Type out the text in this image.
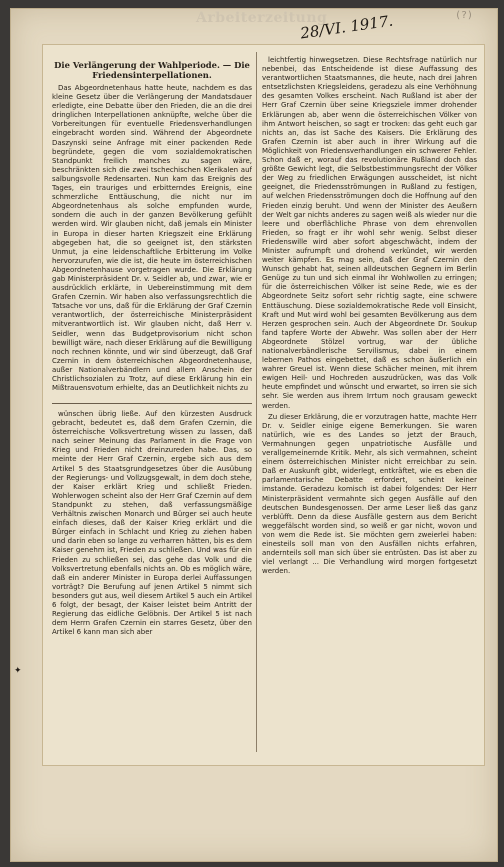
Arbeiterzeitung
28/VI. 1917.	(?)
Die Verlängerung der Wahlperiode. — Die Friedensinterpellationen.

Das Abgeordnetenhaus hatte heute, nachdem es das kleine Gesetz über die Verlängerung der Mandatsdauer erledigte, eine Debatte über den Frieden, die an die drei dringlichen Interpellationen anknüpfte, welche über die Vorbereitungen für eventuelle Friedensverhandlungen eingebracht worden sind. Während der Abgeordnete Daszynski seine Anfrage mit einer packenden Rede begründete, gegen die vom sozialdemokratischen Standpunkt freilich manches zu sagen wäre, beschränkten sich die zwei tschechischen Klerikalen auf salbungsvolle Redensarten. Nun kam das Ereignis des Tages, ein trauriges und erbitterndes Ereignis, eine schmerzliche Enttäuschung, die nicht nur im Abgeordnetenhaus als solche empfunden wurde, sondern die auch in der ganzen Bevölkerung gefühlt werden wird. Wir glauben nicht, daß jemals ein Minister in Europa in dieser harten Kriegszeit eine Erklärung abgegeben hat, die so geeignet ist, den stärksten Unmut, ja eine leidenschaftliche Erbitterung im Volke hervorzurufen, wie die ist, die heute im österreichischen Abgeordnetenhause vorgetragen wurde. Die Erklärung gab Ministerpräsident Dr. v. Seidler ab, und zwar, wie er ausdrücklich erklärte, in Uebereinstimmung mit dem Grafen Czernin. Wir haben also verfassungsrechtlich die Tatsache vor uns, daß für die Erklärung der Graf Czernin verantwortlich, der österreichische Ministerpräsident mitverantwortlich ist. Wir glauben nicht, daß Herr v. Seidler, wenn das Budgetprovisorium nicht schon bewilligt wäre, nach dieser Erklärung auf die Bewilligung noch rechnen könnte, und wir sind überzeugt, daß Graf Czernin in dem österreichischen Abgeordnetenhause, außer Nationalverbändlern und allem Anschein der Christlichsozialen zu Trotz, auf diese Erklärung hin ein Mißtrauensvotum erhielte, das an Deutlichkeit nichts zu

wünschen übrig ließe. Auf den kürzesten Ausdruck gebracht, bedeutet es, daß dem Grafen Czernin, die österreichische Volksvertretung wissen zu lassen, daß nach seiner Meinung das Parlament in die Frage von Krieg und Frieden nicht dreinzureden habe. Das, so meinte der Herr Graf Czernin, ergebe sich aus dem Artikel 5 des Staatsgrundgesetzes über die Ausübung der Regierungs- und Vollzugsgewalt, in dem doch stehe, der Kaiser erklärt Krieg und schließt Frieden. Wohlerwogen scheint also der Herr Graf Czernin auf dem Standpunkt zu stehen, daß verfassungsmäßige Verhältnis zwischen Monarch und Bürger sei auch heute einfach dieses, daß der Kaiser Krieg erklärt und die Bürger einfach in Schlacht und Krieg zu ziehen haben und darin eben so lange zu verharren hätten, bis es dem Kaiser genehm ist, Frieden zu schließen. Und was für ein Frieden zu schließen sei, das gehe das Volk und die Volksvertretung ebenfalls nichts an. Ob es möglich wäre, daß ein anderer Minister in Europa derlei Auffassungen vorträgt? Die Berufung auf jenen Artikel 5 nimmt sich besonders gut aus, weil diesem Artikel 5 auch ein Artikel 6 folgt, der besagt, der Kaiser leistet beim Antritt der Regierung das eidliche Gelöbnis. Der Artikel 5 ist nach dem Herrn Grafen Czernin ein starres Gesetz, über den Artikel 6 kann man sich aber

leichtfertig hinwegsetzen. Diese Rechtsfrage natürlich nur nebenbei, das Entscheidende ist diese Auffassung des verantwortlichen Staatsmannes, die heute, nach drei Jahren entsetzlichsten Kriegsleidens, geradezu als eine Verhöhnung des gesamten Volkes erscheint. Nach Rußland ist aber der Herr Graf Czernin über seine Kriegsziele immer drohender Erklärungen ab, aber wenn die österreichischen Völker von ihm Antwort heischen, so sagt er trocken: das geht euch gar nichts an, das ist Sache des Kaisers. Die Erklärung des Grafen Czernin ist aber auch in ihrer Wirkung auf die Möglichkeit von Friedensverhandlungen ein schwerer Fehler. Schon daß er, worauf das revolutionäre Rußland doch das größte Gewicht legt, die Selbstbestimmungsrecht der Völker der Weg zu friedlichen Erwägungen ausscheidet, ist nicht geeignet, die Friedensströmungen in Rußland zu festigen, auf welchen Friedensströmungen doch die Hoffnung auf den Frieden einzig beruht. Und wenn der Minister des Aeußern der Welt gar nichts anderes zu sagen weiß als wieder nur die leere und oberflächliche Phrase von dem ehrenvollen Frieden, so fragt er ihr wohl sehr wenig. Selbst dieser Friedenswille wird aber sofort abgeschwächt, indem der Minister aufrumpft und drohend verkündet, wir werden weiter kämpfen. Es mag sein, daß der Graf Czernin den Wunsch gehabt hat, seinen alldeutschen Gegnern im Berlin Genüge zu tun und sich einmal ihr Wohlwollen zu erringen; für die österreichischen Völker ist seine Rede, wie es der Abgeordnete Seitz sofort sehr richtig sagte, eine schwere Enttäuschung. Diese sozialdemokratische Rede voll Einsicht, Kraft und Mut wird wohl bei gesamten Bevölkerung aus dem Herzen gesprochen sein. Auch der Abgeordnete Dr. Soukup fand tapfere Worte der Abwehr. Was sollen aber der Herr Abgeordnete Stölzel vortrug, war der übliche nationalverbändlerische Servilismus, dabei in einem lebernen Pathos eingebettet, daß es schon äußerlich ein wahrer Greuel ist. Wenn diese Schächer meinen, mit ihrem ewigen Heil- und Hochreden auszudrücken, was das Volk heute empfindet und wünscht und erwartet, so irren sie sich sehr. Sie werden aus ihrem Irrtum noch grausam geweckt werden.

Zu dieser Erklärung, die er vorzutragen hatte, machte Herr Dr. v. Seidler einige eigene Bemerkungen. Sie waren natürlich, wie es des Landes so jetzt der Brauch, Vermahnungen gegen unpatriotische Ausfälle und verallgemeinernde Kritik. Mehr, als sich vermahnen, scheint einem österreichischen Minister nicht erreichbar zu sein. Daß er Auskunft gibt, widerlegt, entkräftet, wie es eben die parlamentarische Debatte erfordert, scheint keiner imstande. Geradezu komisch ist dabei folgendes: Der Herr Ministerpräsident vermahnte sich gegen Ausfälle auf den deutschen Bundesgenossen. Der arme Leser ließ das ganz verblüfft. Denn da diese Ausfälle gestern aus dem Bericht weggefälscht worden sind, so weiß er gar nicht, wovon und von wem die Rede ist. Sie möchten gern zweierlei haben: einesteils soll man von den Ausfällen nichts erfahren, andernteils soll man sich über sie entrüsten. Das ist aber zu viel verlangt ... Die Verhandlung wird morgen fortgesetzt werden.

✦
